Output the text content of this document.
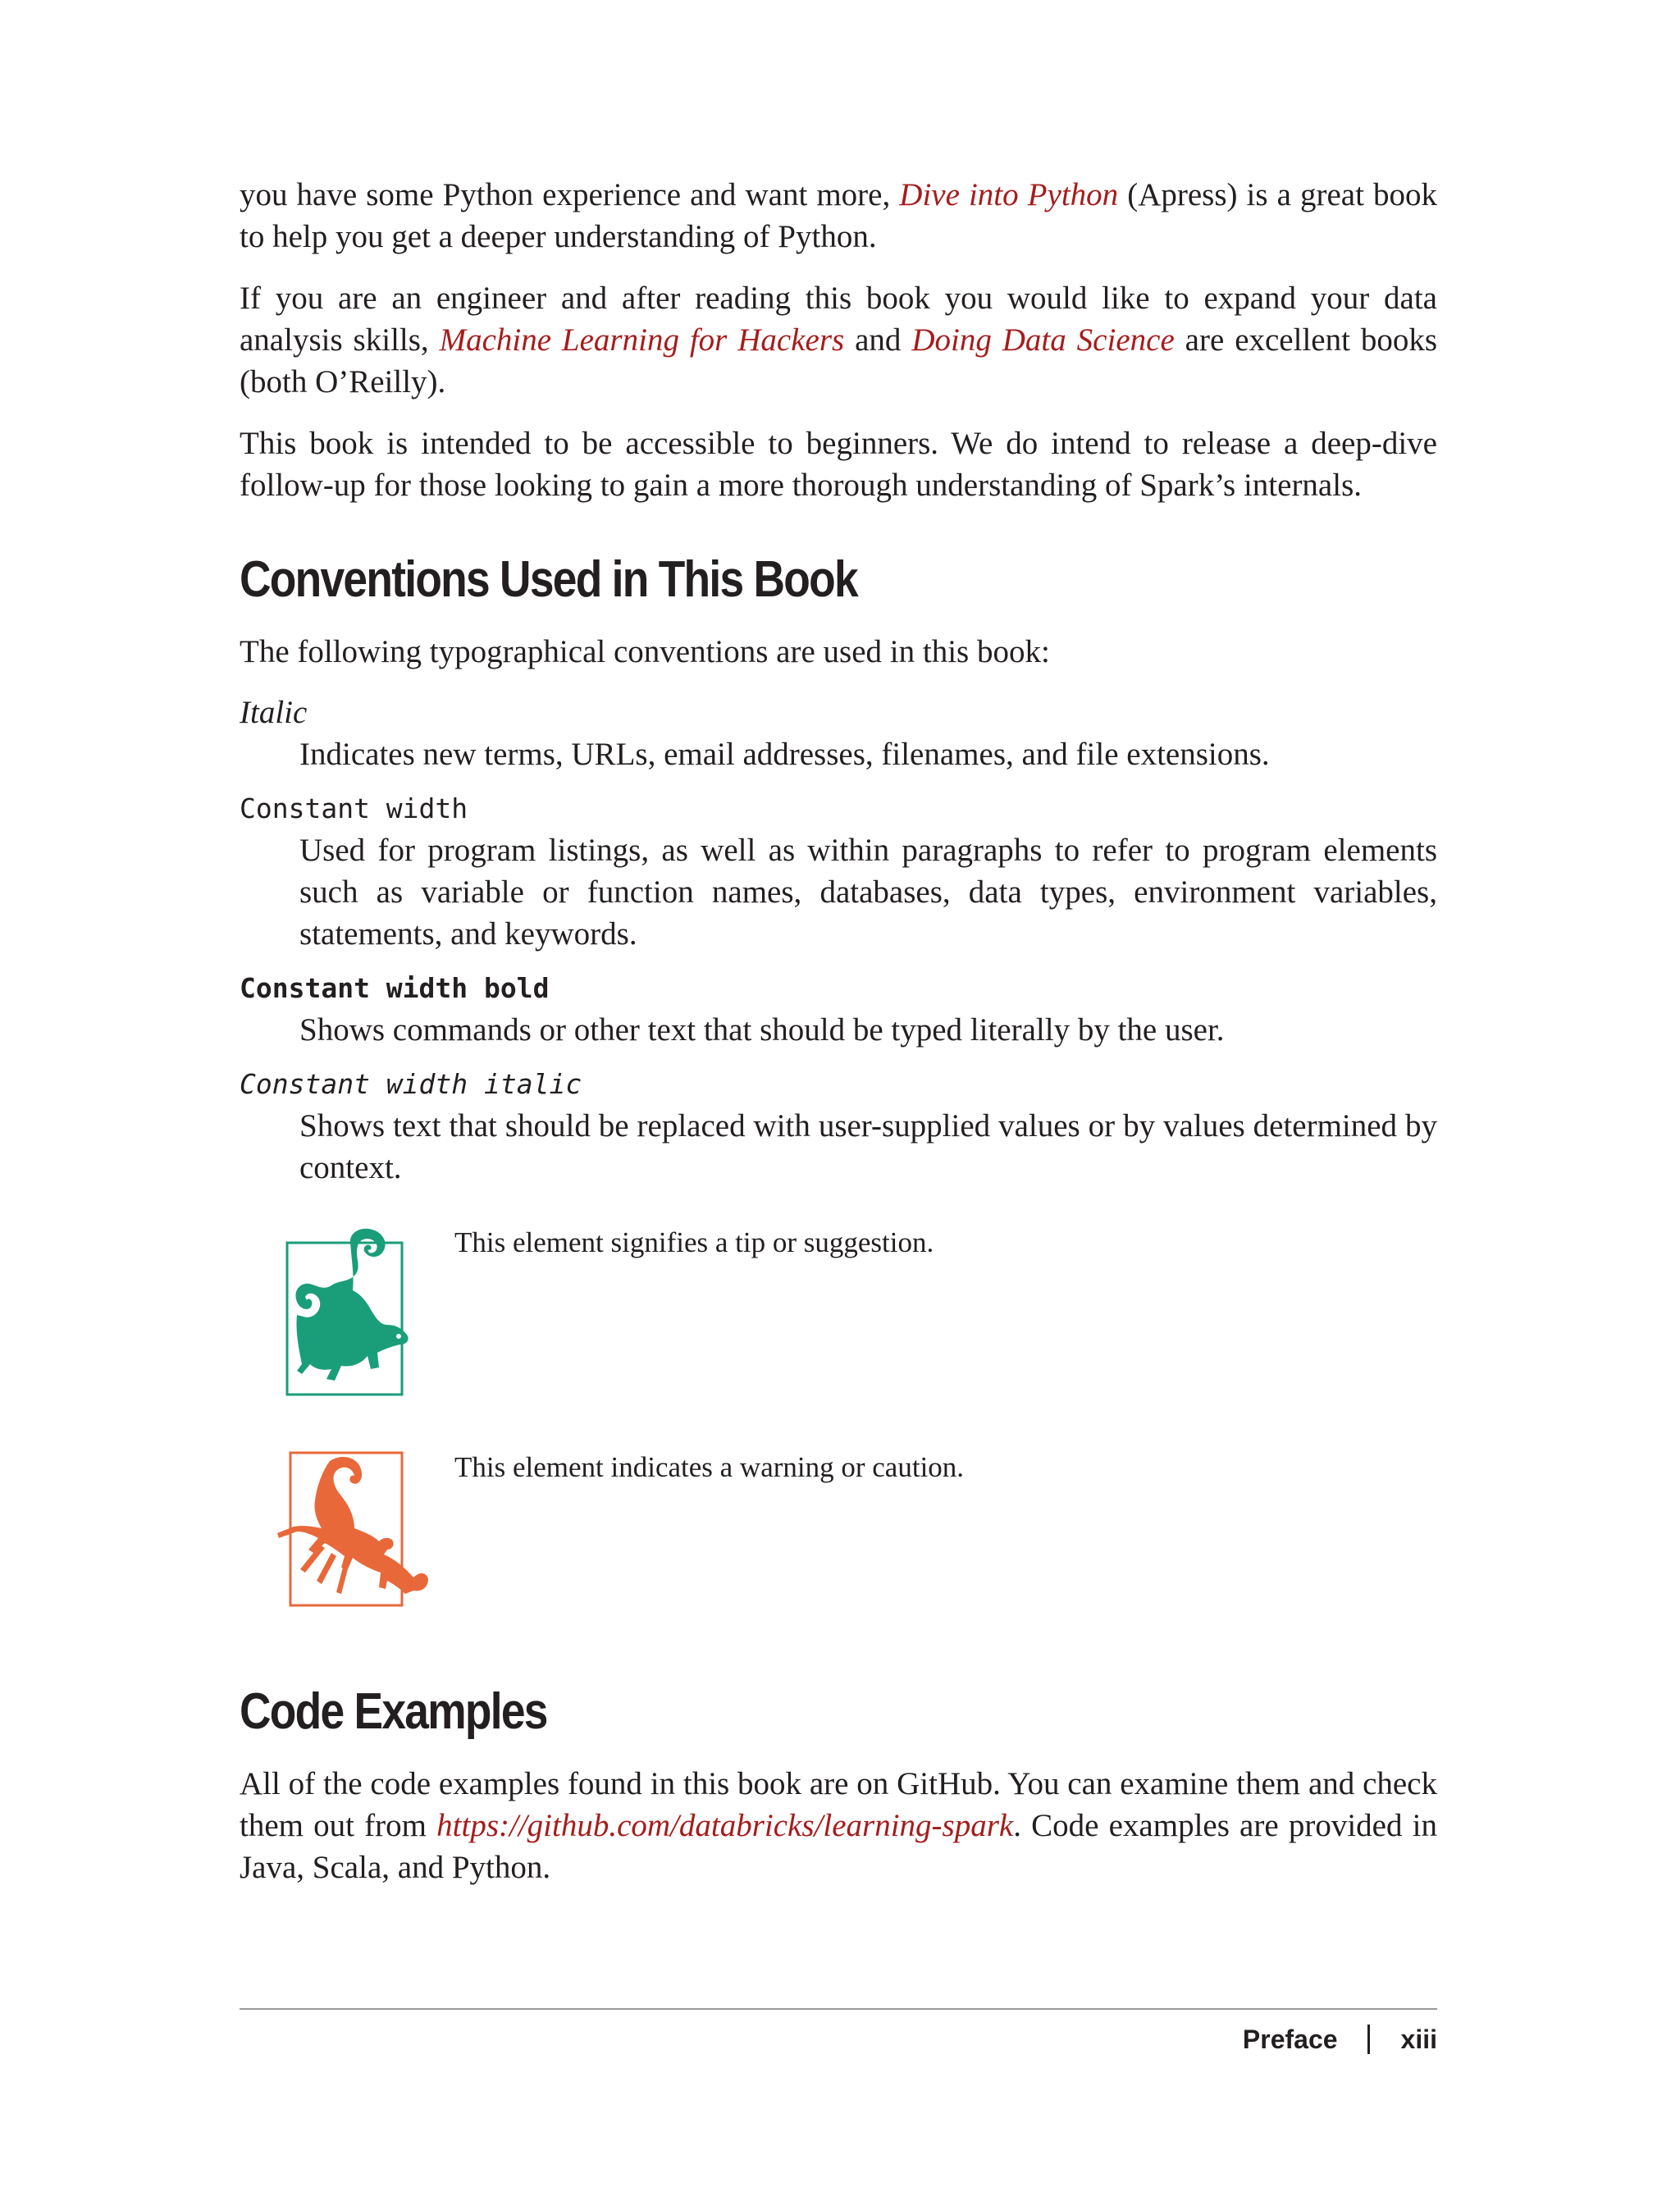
you have some Python experience and want more, Dive into Python (Apress) is a great book to help you get a deeper understanding of Python.

If you are an engineer and after reading this book you would like to expand your data analysis skills, Machine Learning for Hackers and Doing Data Science are excellent books (both O’Reilly).

This book is intended to be accessible to beginners. We do intend to release a deep-dive follow-up for those looking to gain a more thorough understanding of Spark’s internals.

Conventions Used in This Book

The following typographical conventions are used in this book:

Italic
Indicates new terms, URLs, email addresses, filenames, and file extensions.
Constant width
Used for program listings, as well as within paragraphs to refer to program elements such as variable or function names, databases, data types, environment variables, statements, and keywords.
Constant width bold
Shows commands or other text that should be typed literally by the user.
Constant width italic
Shows text that should be replaced with user-supplied values or by values determined by context.
This element signifies a tip or suggestion.
This element indicates a warning or caution.
Code Examples

All of the code examples found in this book are on GitHub. You can examine them and check them out from https://github.com/databricks/learning-spark. Code examples are provided in Java, Scala, and Python.

Preface xiii
